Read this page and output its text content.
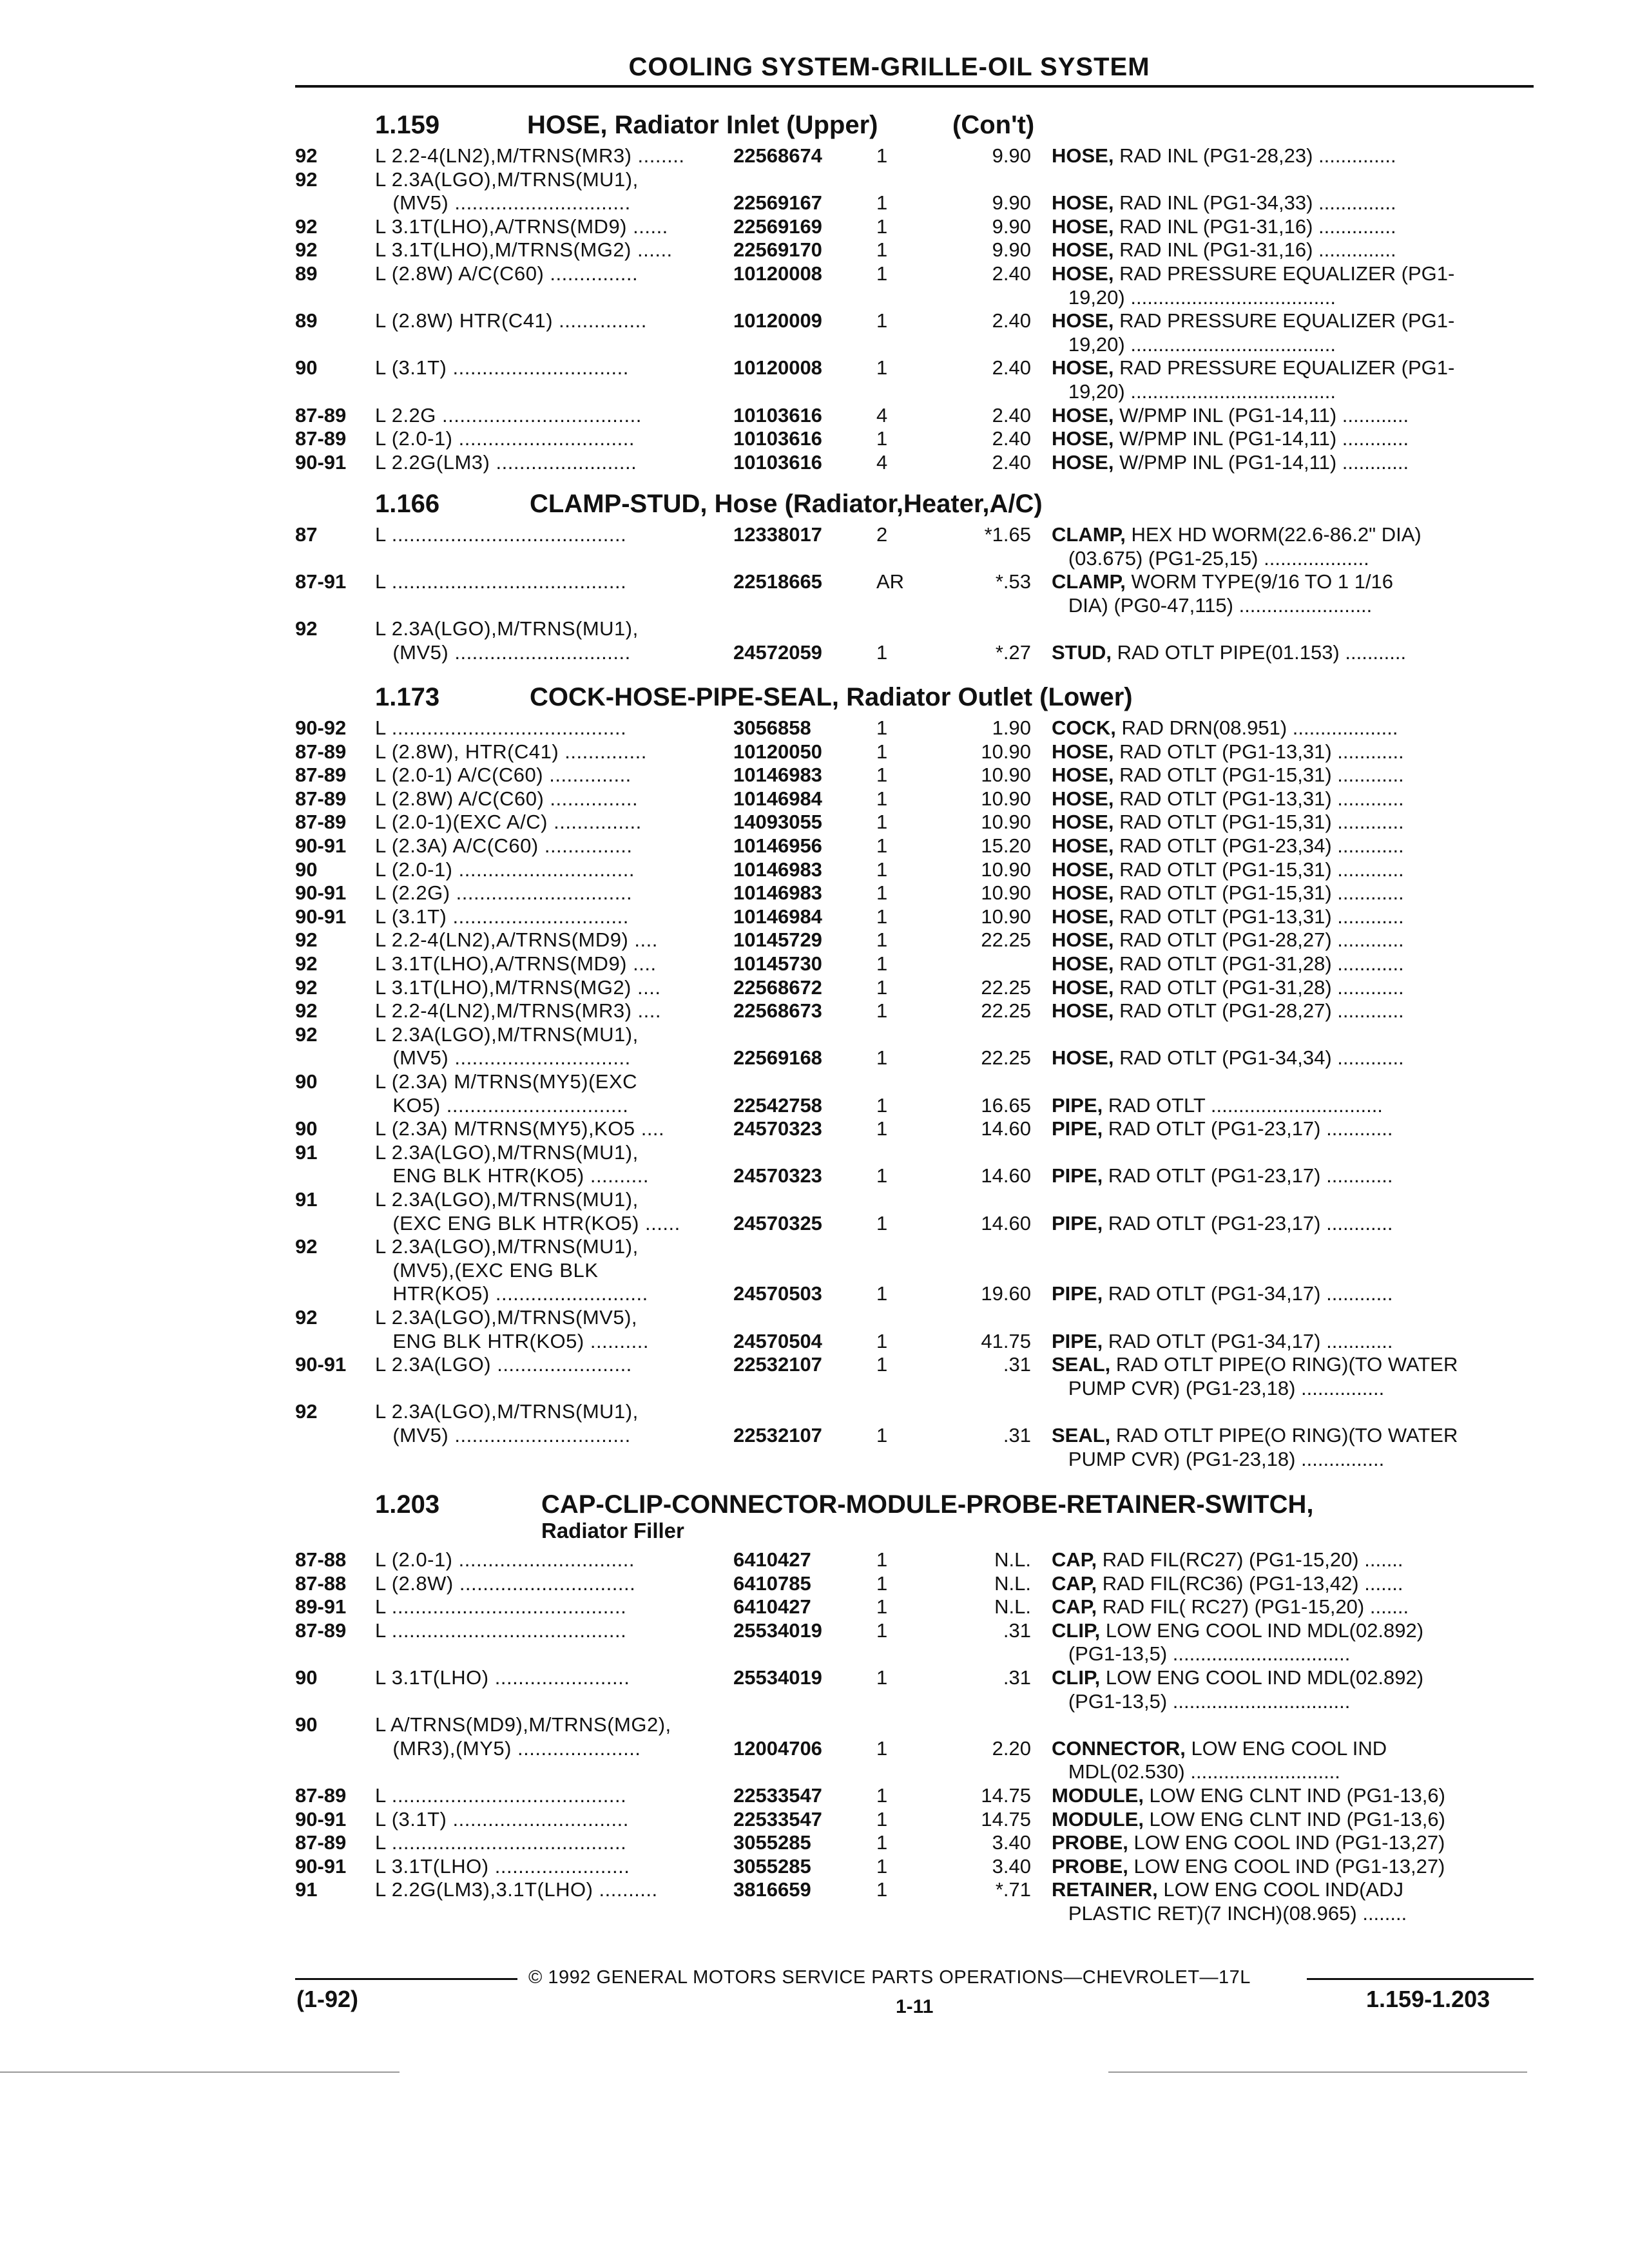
COOLING SYSTEM-GRILLE-OIL SYSTEM
1.159	HOSE, Radiator Inlet (Upper)	(Con't)
92	L 2.2-4(LN2),M/TRNS(MR3) ........	22568674	1	9.90 HOSE, RAD INL (PG1-28,23) ..............
92	L 2.3A(LGO),M/TRNS(MU1),
(MV5) ..............................	22569167	1	9.90 HOSE, RAD INL (PG1-34,33) ..............
92	L 3.1T(LHO),A/TRNS(MD9) ......	22569169	1	9.90 HOSE, RAD INL (PG1-31,16) ..............
92	L 3.1T(LHO),M/TRNS(MG2) ......	22569170	1	9.90 HOSE, RAD INL (PG1-31,16) ..............
89	L (2.8W) A/C(C60) ...............	10120008	1	2.40 HOSE, RAD PRESSURE EQUALIZER (PG1-
19,20) .....................................
89	L (2.8W) HTR(C41) ...............	10120009	1	2.40 HOSE, RAD PRESSURE EQUALIZER (PG1-
19,20) .....................................
90	L (3.1T) ..............................	10120008	1	2.40 HOSE, RAD PRESSURE EQUALIZER (PG1-
19,20) .....................................
87-89 L 2.2G ..................................	10103616	4	2.40 HOSE, W/PMP INL (PG1-14,11) ............
87-89 L (2.0-1) ..............................	10103616	1	2.40 HOSE, W/PMP INL (PG1-14,11) ............
90-91 L 2.2G(LM3) ........................	10103616	4	2.40 HOSE, W/PMP INL (PG1-14,11) ............
1.166	CLAMP-STUD, Hose (Radiator,Heater,A/C)
87	L ........................................	12338017	2	*1.65 CLAMP, HEX HD WORM(22.6-86.2" DIA)
(03.675) (PG1-25,15) ...................
87-91 L ........................................	22518665	AR	*.53 CLAMP, WORM TYPE(9/16 TO 1 1/16
DIA) (PG0-47,115) ........................
92	L 2.3A(LGO),M/TRNS(MU1),
(MV5) ..............................	24572059	1	*.27 STUD, RAD OTLT PIPE(01.153) ...........
1.173	COCK-HOSE-PIPE-SEAL, Radiator Outlet (Lower)
90-92 L ........................................	3056858	1	1.90 COCK, RAD DRN(08.951) ...................
87-89 L (2.8W), HTR(C41) ..............	10120050	1	10.90 HOSE, RAD OTLT (PG1-13,31) ............
87-89 L (2.0-1) A/C(C60) ..............	10146983	1	10.90 HOSE, RAD OTLT (PG1-15,31) ............
87-89 L (2.8W) A/C(C60) ...............	10146984	1	10.90 HOSE, RAD OTLT (PG1-13,31) ............
87-89 L (2.0-1)(EXC A/C) ...............	14093055	1	10.90 HOSE, RAD OTLT (PG1-15,31) ............
90-91 L (2.3A) A/C(C60) ...............	10146956	1	15.20 HOSE, RAD OTLT (PG1-23,34) ............
90	L (2.0-1) ..............................	10146983	1	10.90 HOSE, RAD OTLT (PG1-15,31) ............
90-91 L (2.2G) ..............................	10146983	1	10.90 HOSE, RAD OTLT (PG1-15,31) ............
90-91 L (3.1T) ..............................	10146984	1	10.90 HOSE, RAD OTLT (PG1-13,31) ............
92	L 2.2-4(LN2),A/TRNS(MD9) ....	10145729	1	22.25 HOSE, RAD OTLT (PG1-28,27) ............
92	L 3.1T(LHO),A/TRNS(MD9) ....	10145730	1	HOSE, RAD OTLT (PG1-31,28) ............
92	L 3.1T(LHO),M/TRNS(MG2) ....	22568672	1	22.25 HOSE, RAD OTLT (PG1-31,28) ............
92	L 2.2-4(LN2),M/TRNS(MR3) ....	22568673	1	22.25 HOSE, RAD OTLT (PG1-28,27) ............
92	L 2.3A(LGO),M/TRNS(MU1),
(MV5) ..............................	22569168	1	22.25 HOSE, RAD OTLT (PG1-34,34) ............
90	L (2.3A) M/TRNS(MY5)(EXC
KO5) ...............................	22542758	1	16.65 PIPE, RAD OTLT ...............................
90	L (2.3A) M/TRNS(MY5),KO5 ....	24570323	1	14.60 PIPE, RAD OTLT (PG1-23,17) ............
91	L 2.3A(LGO),M/TRNS(MU1),
ENG BLK HTR(KO5) ..........	24570323	1	14.60 PIPE, RAD OTLT (PG1-23,17) ............
91	L 2.3A(LGO),M/TRNS(MU1),
(EXC ENG BLK HTR(KO5) ......	24570325	1	14.60 PIPE, RAD OTLT (PG1-23,17) ............
92	L 2.3A(LGO),M/TRNS(MU1),
(MV5),(EXC ENG BLK
HTR(KO5) ..........................	24570503	1	19.60 PIPE, RAD OTLT (PG1-34,17) ............
92	L 2.3A(LGO),M/TRNS(MV5),
ENG BLK HTR(KO5) ..........	24570504	1	41.75 PIPE, RAD OTLT (PG1-34,17) ............
90-91 L 2.3A(LGO) .......................	22532107	1	.31 SEAL, RAD OTLT PIPE(O RING)(TO WATER
PUMP CVR) (PG1-23,18) ...............
92	L 2.3A(LGO),M/TRNS(MU1),
(MV5) ..............................	22532107	1	.31 SEAL, RAD OTLT PIPE(O RING)(TO WATER
PUMP CVR) (PG1-23,18) ...............
1.203	CAP-CLIP-CONNECTOR-MODULE-PROBE-RETAINER-SWITCH,
Radiator Filler
87-88 L (2.0-1) ..............................	6410427	1	N.L. CAP, RAD FIL(RC27) (PG1-15,20) .......
87-88 L (2.8W) ..............................	6410785	1	N.L. CAP, RAD FIL(RC36) (PG1-13,42) .......
89-91 L ........................................	6410427	1	N.L. CAP, RAD FIL( RC27) (PG1-15,20) .......
87-89 L ........................................	25534019	1	.31 CLIP, LOW ENG COOL IND MDL(02.892)
(PG1-13,5) ................................
90	L 3.1T(LHO) .......................	25534019	1	.31 CLIP, LOW ENG COOL IND MDL(02.892)
(PG1-13,5) ................................
90	L A/TRNS(MD9),M/TRNS(MG2),
(MR3),(MY5) .....................	12004706	1	2.20 CONNECTOR, LOW ENG COOL IND
MDL(02.530) ...........................
87-89 L ........................................	22533547	1	14.75 MODULE, LOW ENG CLNT IND (PG1-13,6)
90-91 L (3.1T) ..............................	22533547	1	14.75 MODULE, LOW ENG CLNT IND (PG1-13,6)
87-89 L ........................................	3055285	1	3.40 PROBE, LOW ENG COOL IND (PG1-13,27)
90-91 L 3.1T(LHO) .......................	3055285	1	3.40 PROBE, LOW ENG COOL IND (PG1-13,27)
91	L 2.2G(LM3),3.1T(LHO) ..........	3816659	1	*.71 RETAINER, LOW ENG COOL IND(ADJ
PLASTIC RET)(7 INCH)(08.965) ........
© 1992 GENERAL MOTORS SERVICE PARTS OPERATIONS—CHEVROLET—17L
(1-92)	1-11	1.159-1.203
